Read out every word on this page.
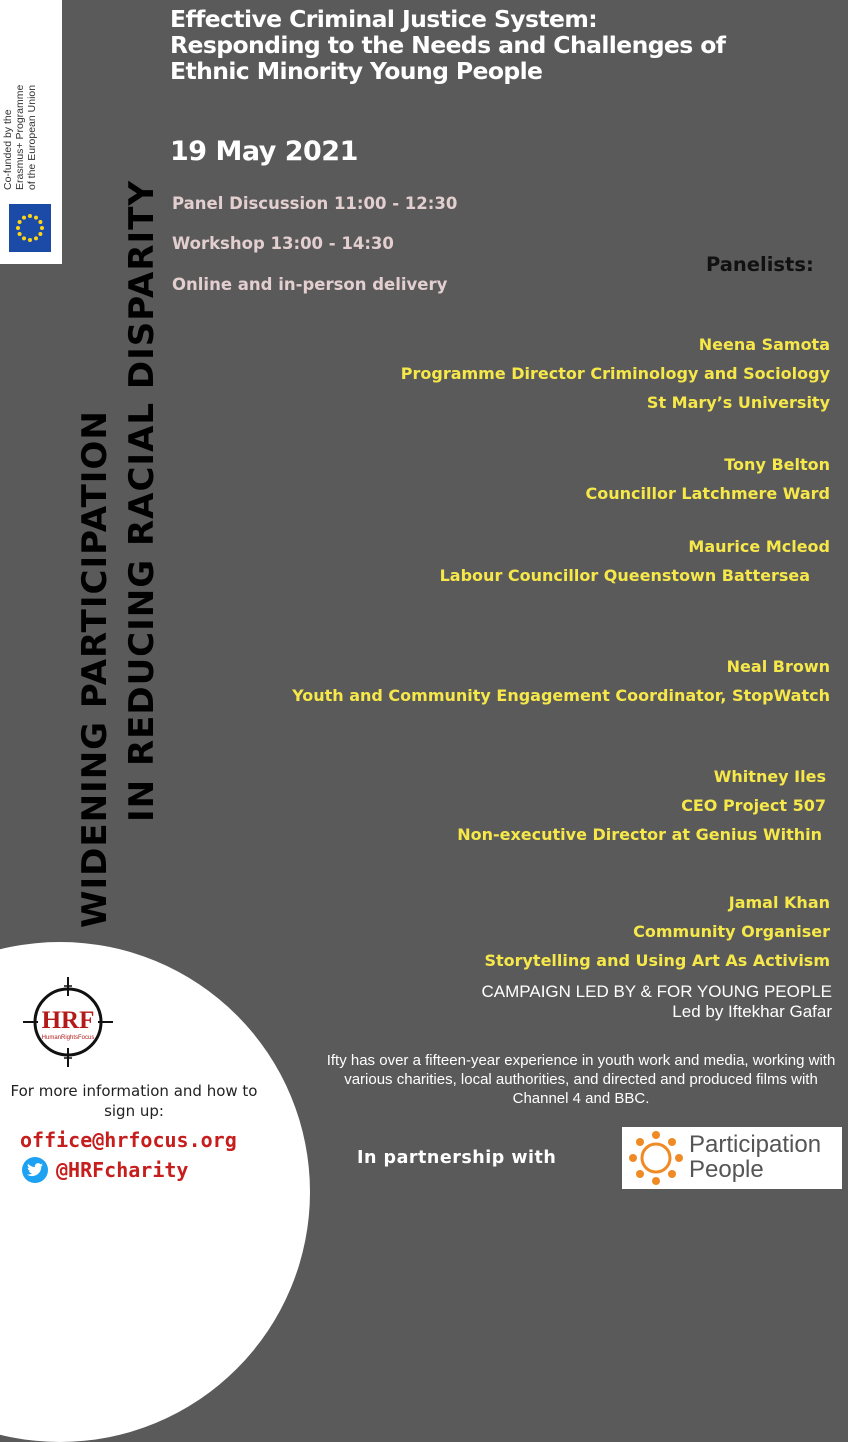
Co-funded by the Erasmus+ Programme of the European Union
WIDENING PARTICIPATION IN REDUCING RACIAL DISPARITY
Effective Criminal Justice System:
Responding to the Needs and Challenges of
Ethnic Minority Young People
19 May 2021
Panel Discussion 11:00 - 12:30
Workshop 13:00 - 14:30
Online and in-person delivery
Panelists:
Neena Samota
Programme Director Criminology and Sociology
St Mary’s University
Tony Belton
Councillor Latchmere Ward
Maurice Mcleod
Labour Councillor Queenstown Battersea
Neal Brown
Youth and Community Engagement Coordinator, StopWatch
Whitney Iles
CEO Project 507
Non-executive Director at Genius Within
Jamal Khan
Community Organiser
Storytelling and Using Art As Activism
CAMPAIGN LED BY & FOR YOUNG PEOPLE
Led by Iftekhar Gafar
Ifty has over a fifteen-year experience in youth work and media, working with various charities, local authorities, and directed and produced films with Channel 4 and BBC.
HRF
HumanRightsFocus
For more information and how to sign up:
office@hrfocus.org
@HRFcharity	In partnership with	Participation
People
